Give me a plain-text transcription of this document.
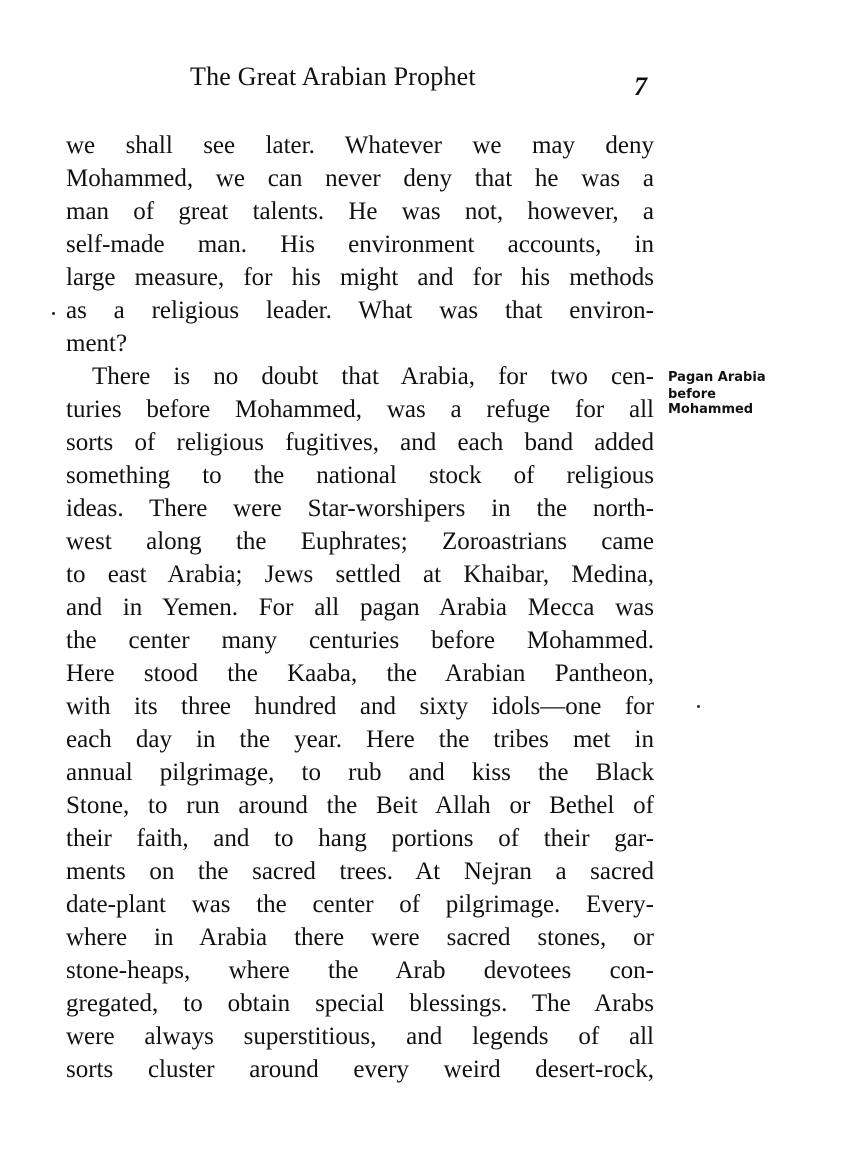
The Great Arabian Prophet	7
Pagan Arabia
before
Mohammed
we shall see later. Whatever we may deny
Mohammed, we can never deny that he was a
man of great talents. He was not, however, a
self-made man. His environment accounts, in
large measure, for his might and for his methods
as a religious leader. What was that environ-
ment?
There is no doubt that Arabia, for two cen-
turies before Mohammed, was a refuge for all
sorts of religious fugitives, and each band added
something to the national stock of religious
ideas. There were Star-worshipers in the north-
west along the Euphrates; Zoroastrians came
to east Arabia; Jews settled at Khaibar, Medina,
and in Yemen. For all pagan Arabia Mecca was
the center many centuries before Mohammed.
Here stood the Kaaba, the Arabian Pantheon,
with its three hundred and sixty idols—one for
each day in the year. Here the tribes met in
annual pilgrimage, to rub and kiss the Black
Stone, to run around the Beit Allah or Bethel of
their faith, and to hang portions of their gar-
ments on the sacred trees. At Nejran a sacred
date-plant was the center of pilgrimage. Every-
where in Arabia there were sacred stones, or
stone-heaps, where the Arab devotees con-
gregated, to obtain special blessings. The Arabs
were always superstitious, and legends of all
sorts cluster around every weird desert-rock,
